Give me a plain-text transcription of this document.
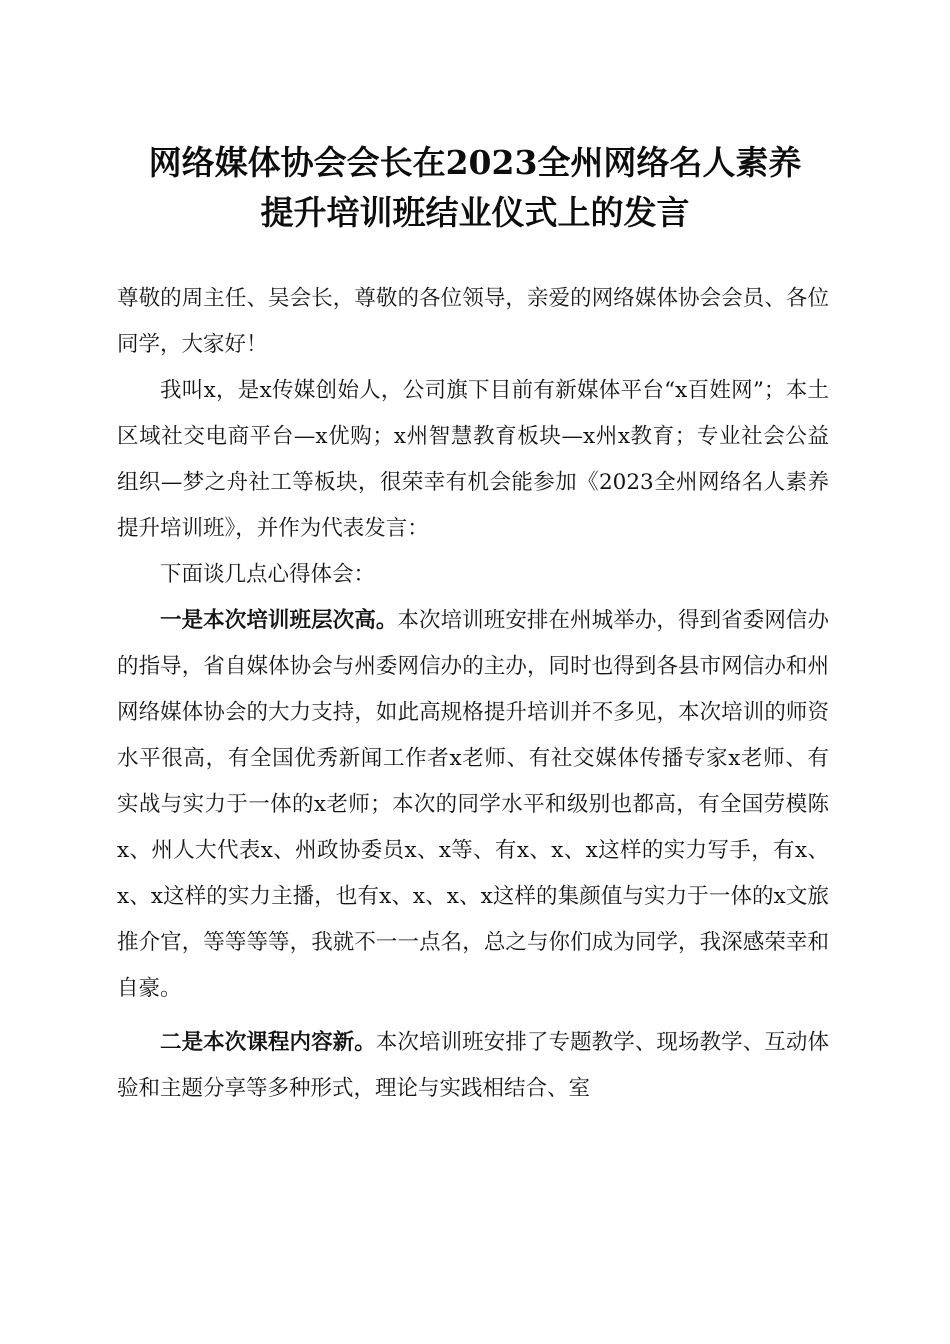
网络媒体协会会长在2023全州网络名人素养
提升培训班结业仪式上的发言

尊敬的周主任、吴会长，尊敬的各位领导，亲爱的网络媒体协会会员、各位同学，大家好！

我叫x，是x传媒创始人，公司旗下目前有新媒体平台“x百姓网”；本土区域社交电商平台—x优购；x州智慧教育板块—x州x教育；专业社会公益组织—梦之舟社工等板块，很荣幸有机会能参加《2023全州网络名人素养提升培训班》，并作为代表发言：

下面谈几点心得体会：

一是本次培训班层次高。本次培训班安排在州城举办，得到省委网信办的指导，省自媒体协会与州委网信办的主办，同时也得到各县市网信办和州网络媒体协会的大力支持，如此高规格提升培训并不多见，本次培训的师资水平很高，有全国优秀新闻工作者x老师、有社交媒体传播专家x老师、有实战与实力于一体的x老师；本次的同学水平和级别也都高，有全国劳模陈x、州人大代表x、州政协委员x、x等、有x、x、x这样的实力写手，有x、x、x这样的实力主播，也有x、x、x、x这样的集颜值与实力于一体的x文旅推介官，等等等等，我就不一一点名，总之与你们成为同学，我深感荣幸和自豪。

二是本次课程内容新。本次培训班安排了专题教学、现场教学、互动体验和主题分享等多种形式，理论与实践相结合、室
